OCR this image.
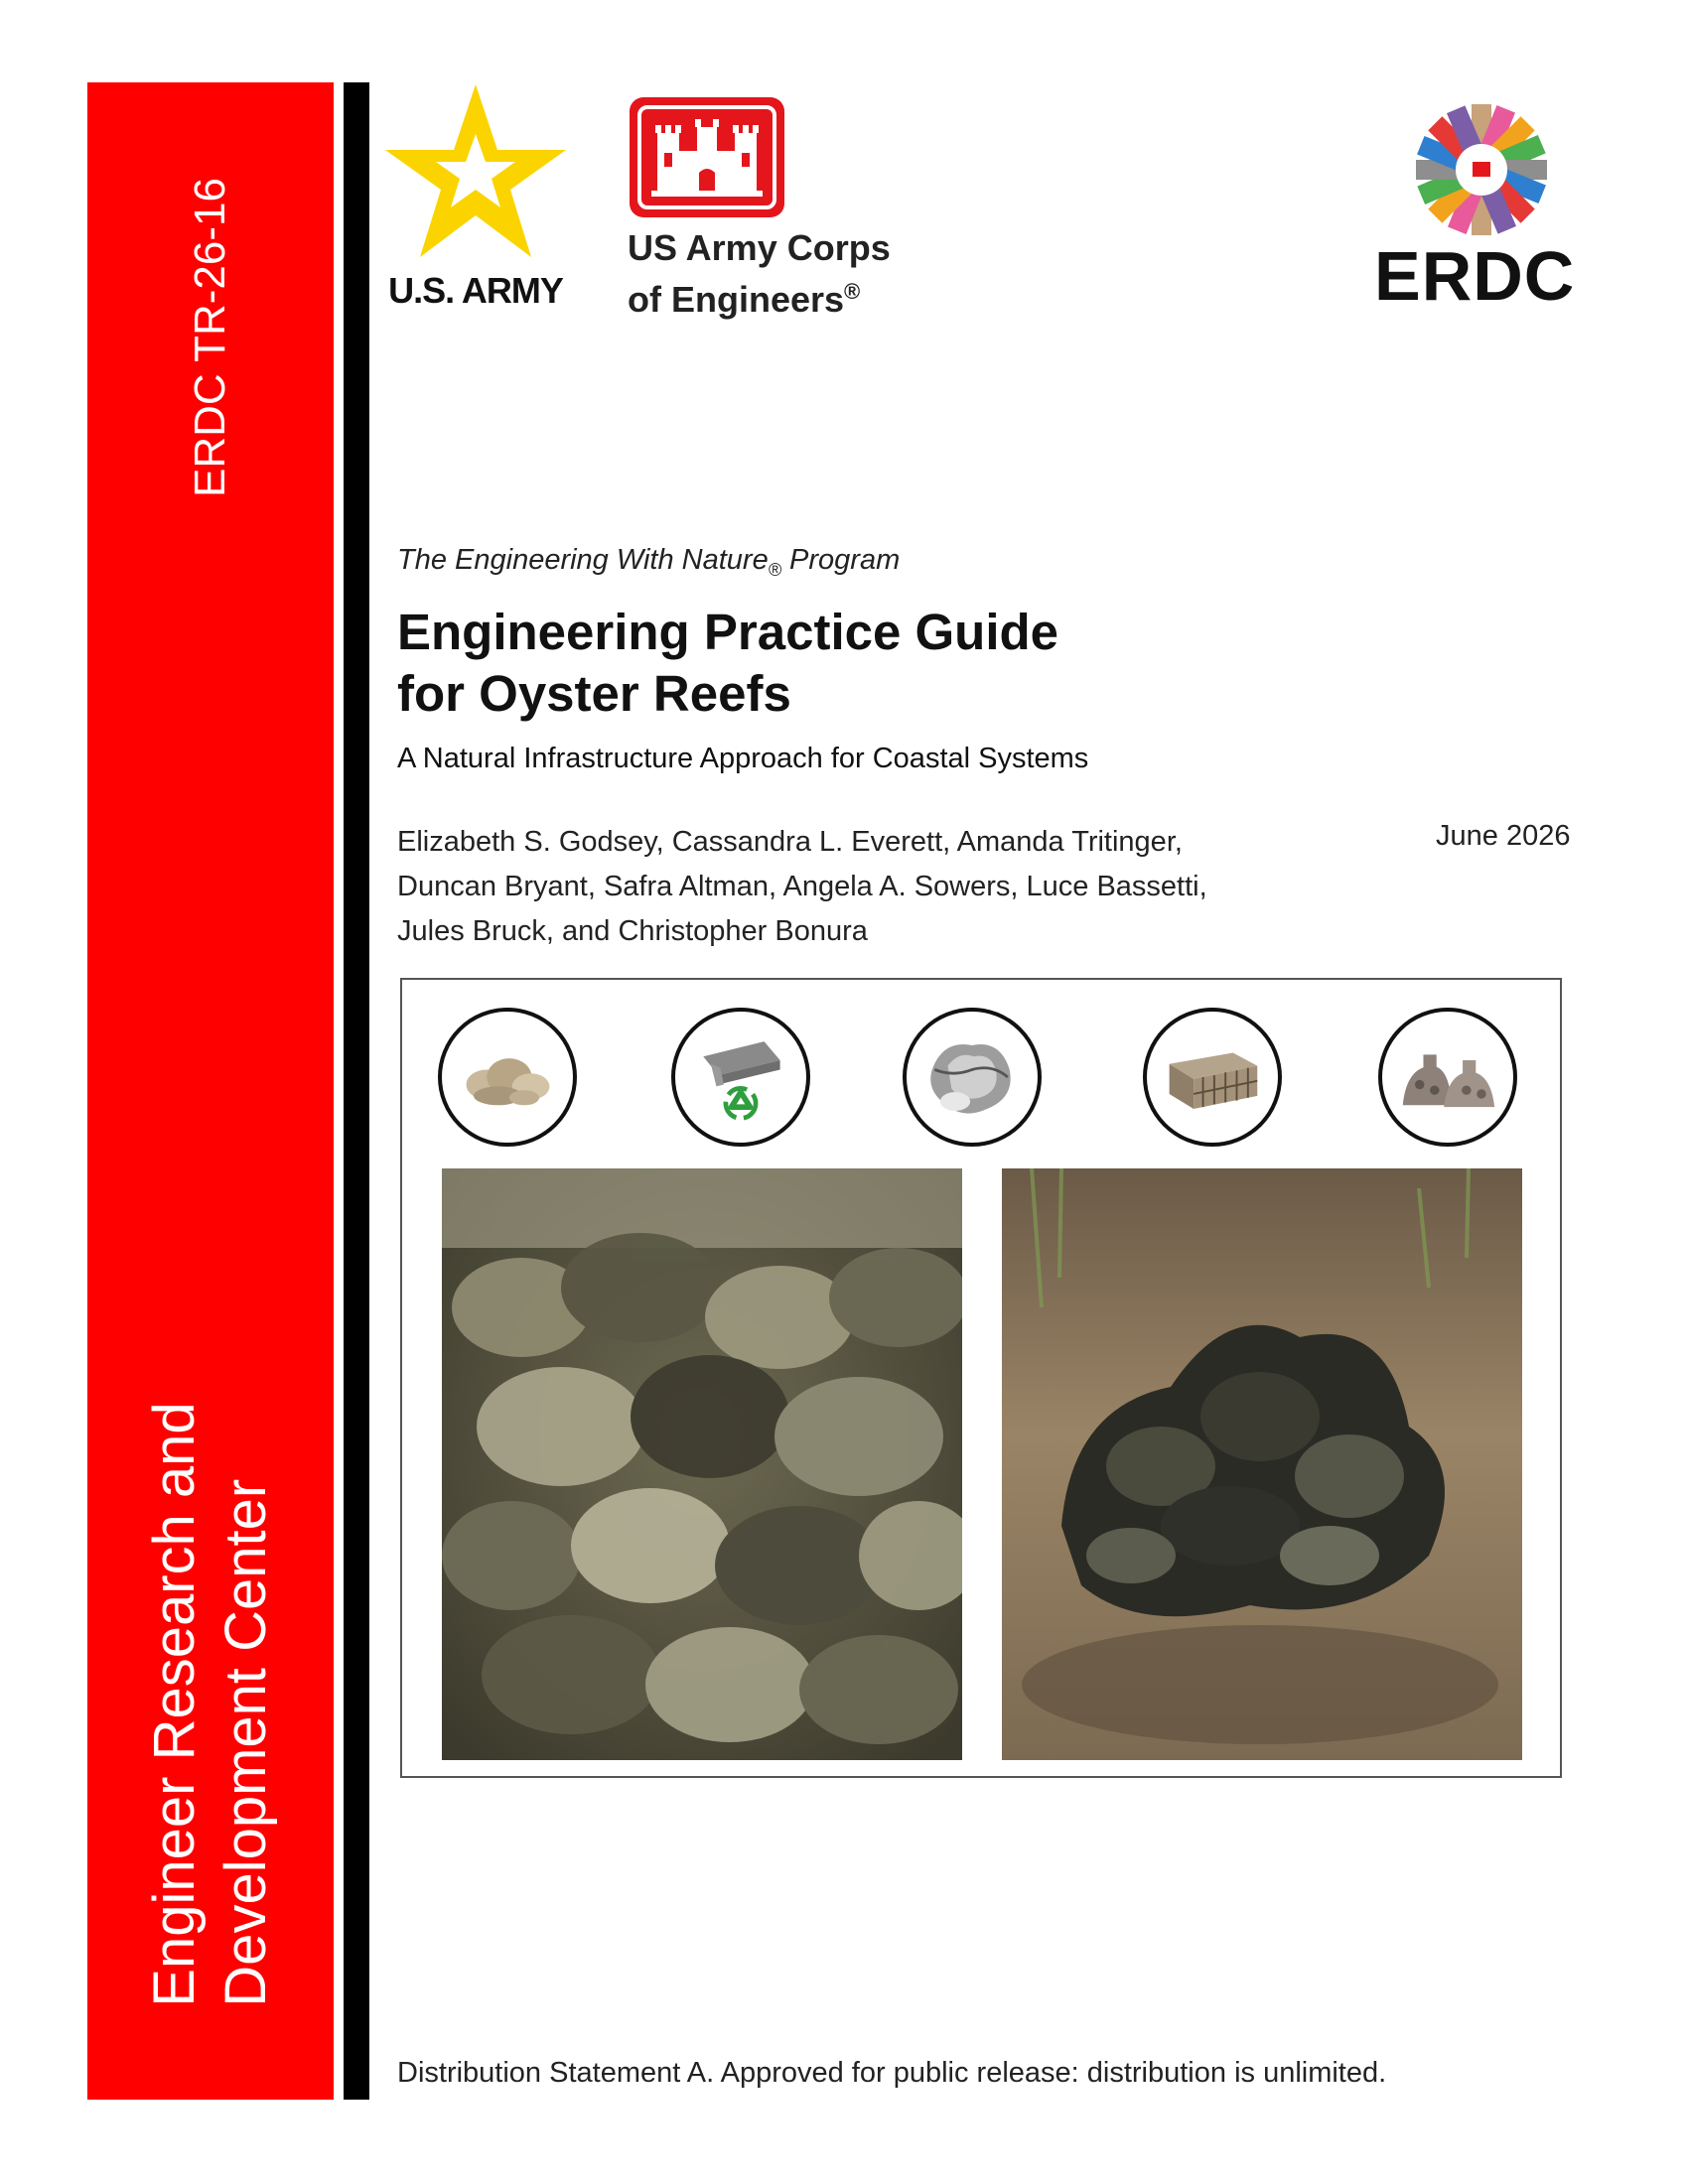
ERDC TR-26-16
Engineer Research and Development Center
U.S. ARMY
US Army Corps
of Engineers®	ERDC
The Engineering With Nature$_®$ Program
Engineering Practice Guide
for Oyster Reefs
A Natural Infrastructure Approach for Coastal Systems
Elizabeth S. Godsey, Cassandra L. Everett, Amanda Tritinger,
Duncan Bryant, Safra Altman, Angela A. Sowers, Luce Bassetti,
Jules Bruck, and Christopher Bonura
June 2026
Distribution Statement A. Approved for public release: distribution is unlimited.
